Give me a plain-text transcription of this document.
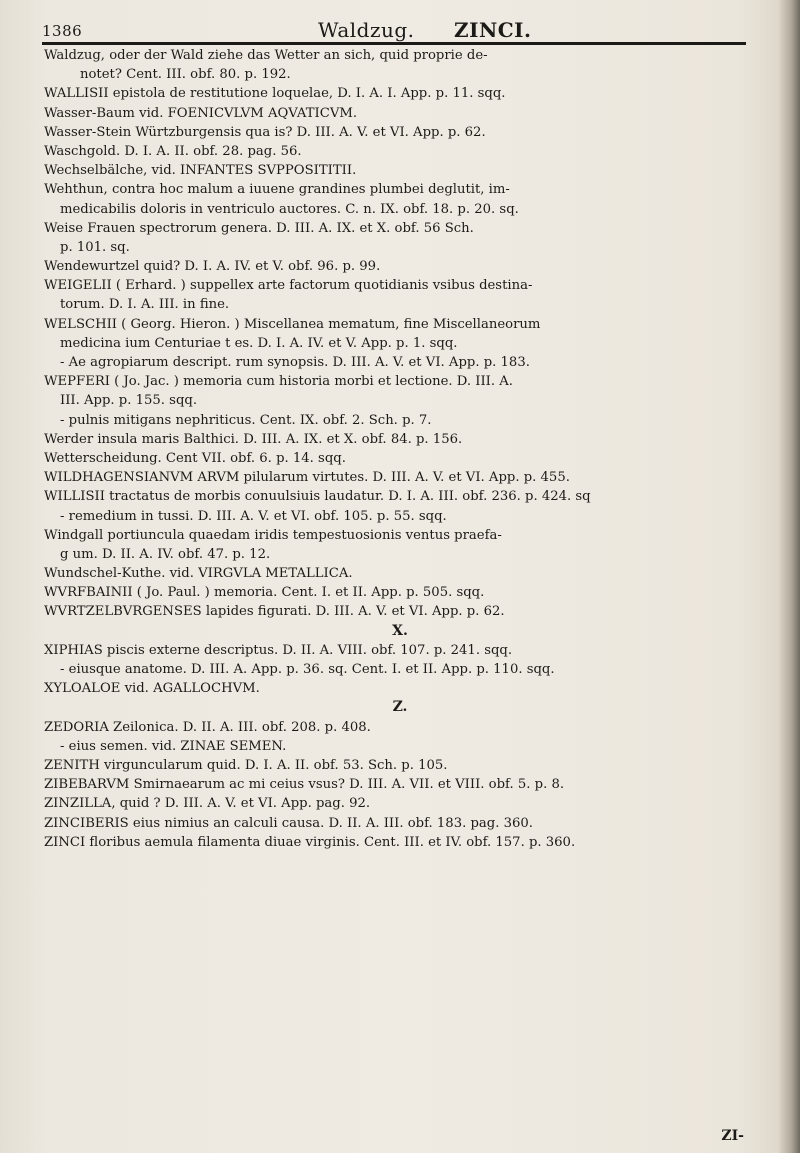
1386	Waldzug. ZINCI.
Waldzug, oder der Wald ziehe das Wetter an sich, quid proprie de-
notet? Cent. III. obf. 80. p. 192.
WALLISII epistola de restitutione loquelae, D. I. A. I. App. p. 11. sqq.
Wasser-Baum vid. FOENICVLVM AQVATICVM.
Wasser-Stein Würtzburgensis qua is? D. III. A. V. et VI. App. p. 62.
Waschgold. D. I. A. II. obf. 28. pag. 56.
Wechselbälche, vid. INFANTES SVPPOSITITII.
Wehthun, contra hoc malum a iuuene grandines plumbei deglutit, im-
medicabilis doloris in ventriculo auctores. C. n. IX. obf. 18. p. 20. sq.
Weise Frauen spectrorum genera. D. III. A. IX. et X. obf. 56 Sch.
p. 101. sq.
Wendewurtzel quid? D. I. A. IV. et V. obf. 96. p. 99.
WEIGELII ( Erhard. ) suppellex arte factorum quotidianis vsibus destina-
torum. D. I. A. III. in fine.
WELSCHII ( Georg. Hieron. ) Miscellanea mematum, fine Miscellaneorum
medicina ium Centuriae t es. D. I. A. IV. et V. App. p. 1. sqq.
- Ae agropiarum descript. rum synopsis. D. III. A. V. et VI. App. p. 183.
WEPFERI ( Jo. Jac. ) memoria cum historia morbi et lectione. D. III. A.
III. App. p. 155. sqq.
- pulnis mitigans nephriticus. Cent. IX. obf. 2. Sch. p. 7.
Werder insula maris Balthici. D. III. A. IX. et X. obf. 84. p. 156.
Wetterscheidung. Cent VII. obf. 6. p. 14. sqq.
WILDHAGENSIANVM ARVM pilularum virtutes. D. III. A. V. et VI. App. p. 455.
WILLISII tractatus de morbis conuulsiuis laudatur. D. I. A. III. obf. 236. p. 424. sq
- remedium in tussi. D. III. A. V. et VI. obf. 105. p. 55. sqq.
Windgall portiuncula quaedam iridis tempestuosionis ventus praefa-
g um. D. II. A. IV. obf. 47. p. 12.
Wundschel-Kuthe. vid. VIRGVLA METALLICA.
WVRFBAINII ( Jo. Paul. ) memoria. Cent. I. et II. App. p. 505. sqq.
WVRTZELBVRGENSES lapides figurati. D. III. A. V. et VI. App. p. 62.
X.
XIPHIAS piscis externe descriptus. D. II. A. VIII. obf. 107. p. 241. sqq.
- eiusque anatome. D. III. A. App. p. 36. sq. Cent. I. et II. App. p. 110. sqq.
XYLOALOE vid. AGALLOCHVM.
Z.
ZEDORIA Zeilonica. D. II. A. III. obf. 208. p. 408.
- eius semen. vid. ZINAE SEMEN.
ZENITH virguncularum quid. D. I. A. II. obf. 53. Sch. p. 105.
ZIBEBARVM Smirnaearum ac mi ceius vsus? D. III. A. VII. et VIII. obf. 5. p. 8.
ZINZILLA, quid ? D. III. A. V. et VI. App. pag. 92.
ZINCIBERIS eius nimius an calculi causa. D. II. A. III. obf. 183. pag. 360.
ZINCI floribus aemula filamenta diuae virginis. Cent. III. et IV. obf. 157. p. 360.
ZI-
